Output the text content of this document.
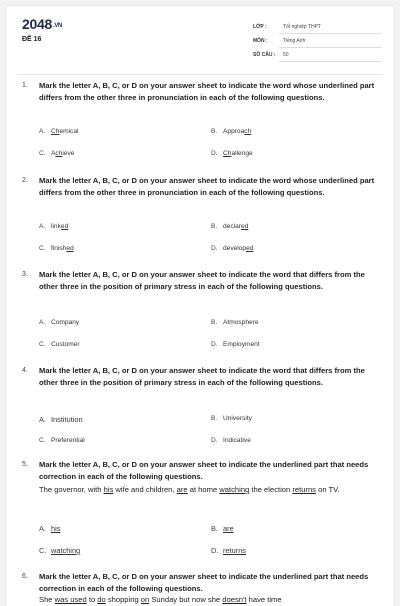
$2048^{.VN}$
ĐỀ 16
LỚP :	Tốt nghiệp THPT
MÔN :	Tiếng Anh
SỐ CÂU : 50
1. Mark the letter A, B, C, or D on your answer sheet to indicate the word whose underlined part differs from the other three in pronunciation in each of the following questions.
A. Chemical	B. Approach
C. Achieve	D. Challenge
2. Mark the letter A, B, C, or D on your answer sheet to indicate the word whose underlined part differs from the other three in pronunciation in each of the following questions.
A. linked	B. declared
C. finished	D. developed
3. Mark the letter A, B, C, or D on your answer sheet to indicate the word that differs from the other three in the position of primary stress in each of the following questions.
A. Company	B. Atmosphere
C. Customer	D. Employment
4. Mark the letter A, B, C, or D on your answer sheet to indicate the word that differs from the other three in the position of primary stress in each of the following questions.
A. Institution	B. University
C. Preferential	D. Indicative
5. Mark the letter A, B, C, or D on your answer sheet to indicate the underlined part that needs correction in each of the following questions.
The governor, with his wife and children, are at home watching the election returns on TV.
A. his	B. are
C. watching	D. returns
6. Mark the letter A, B, C, or D on your answer sheet to indicate the underlined part that needs correction in each of the following questions.
She was used to do shopping on Sunday but now she doesn't have time
